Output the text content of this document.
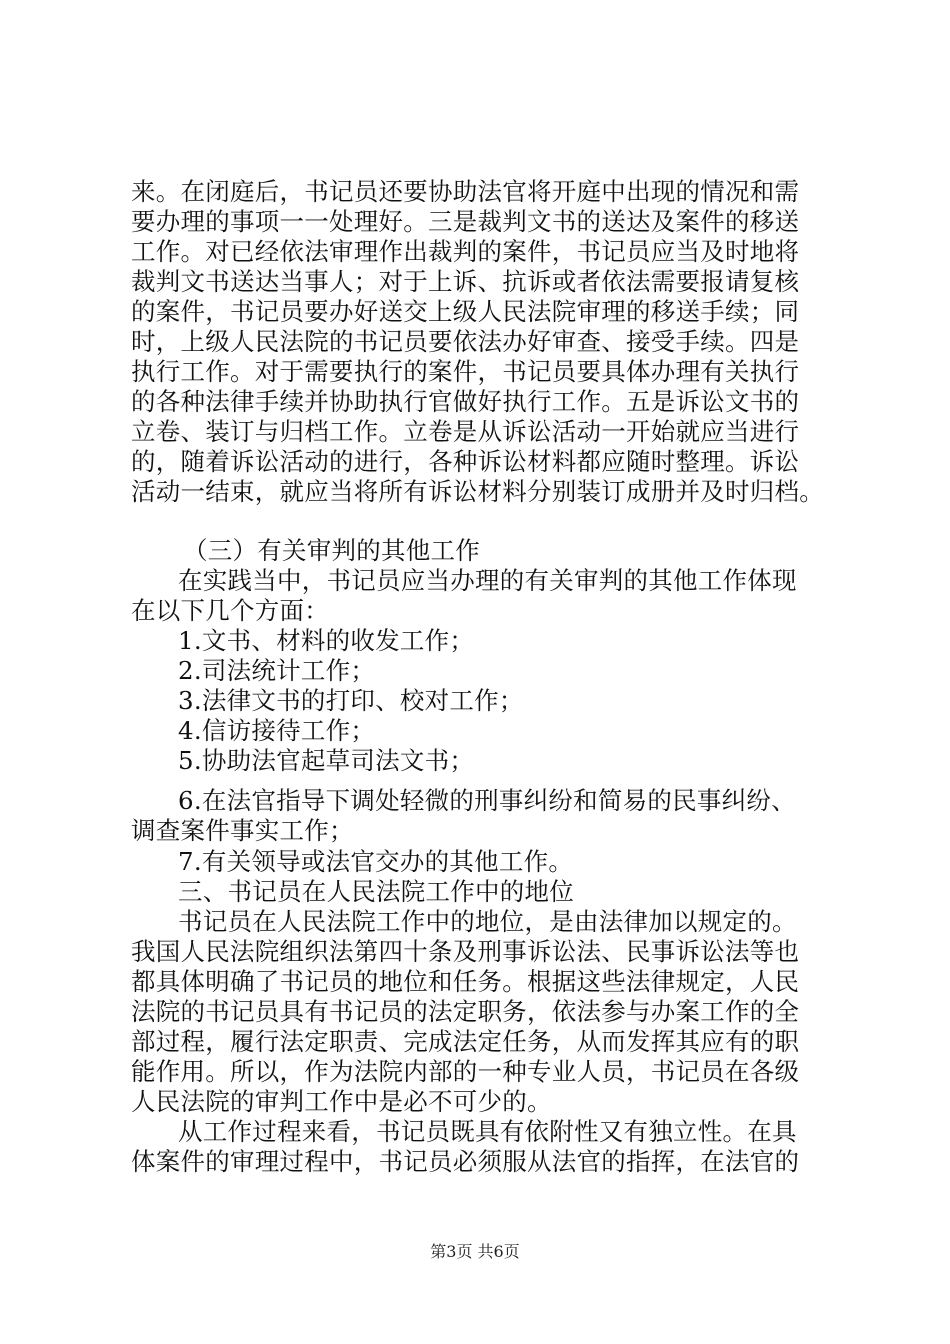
来。在闭庭后，书记员还要协助法官将开庭中出现的情况和需
要办理的事项一一处理好。三是裁判文书的送达及案件的移送
工作。对已经依法审理作出裁判的案件，书记员应当及时地将
裁判文书送达当事人；对于上诉、抗诉或者依法需要报请复核
的案件，书记员要办好送交上级人民法院审理的移送手续；同
时，上级人民法院的书记员要依法办好审查、接受手续。四是
执行工作。对于需要执行的案件，书记员要具体办理有关执行
的各种法律手续并协助执行官做好执行工作。五是诉讼文书的
立卷、装订与归档工作。立卷是从诉讼活动一开始就应当进行
的，随着诉讼活动的进行，各种诉讼材料都应随时整理。诉讼
活动一结束，就应当将所有诉讼材料分别装订成册并及时归档。
（三）有关审判的其他工作
在实践当中，书记员应当办理的有关审判的其他工作体现
在以下几个方面：
1.文书、材料的收发工作；
2.司法统计工作；
3.法律文书的打印、校对工作；
4.信访接待工作；
5.协助法官起草司法文书；
6.在法官指导下调处轻微的刑事纠纷和简易的民事纠纷、
调查案件事实工作；
7.有关领导或法官交办的其他工作。
三、书记员在人民法院工作中的地位
书记员在人民法院工作中的地位，是由法律加以规定的。
我国人民法院组织法第四十条及刑事诉讼法、民事诉讼法等也
都具体明确了书记员的地位和任务。根据这些法律规定，人民
法院的书记员具有书记员的法定职务，依法参与办案工作的全
部过程，履行法定职责、完成法定任务，从而发挥其应有的职
能作用。所以，作为法院内部的一种专业人员，书记员在各级
人民法院的审判工作中是必不可少的。
从工作过程来看，书记员既具有依附性又有独立性。在具
体案件的审理过程中，书记员必须服从法官的指挥，在法官的
第3页 共6页
